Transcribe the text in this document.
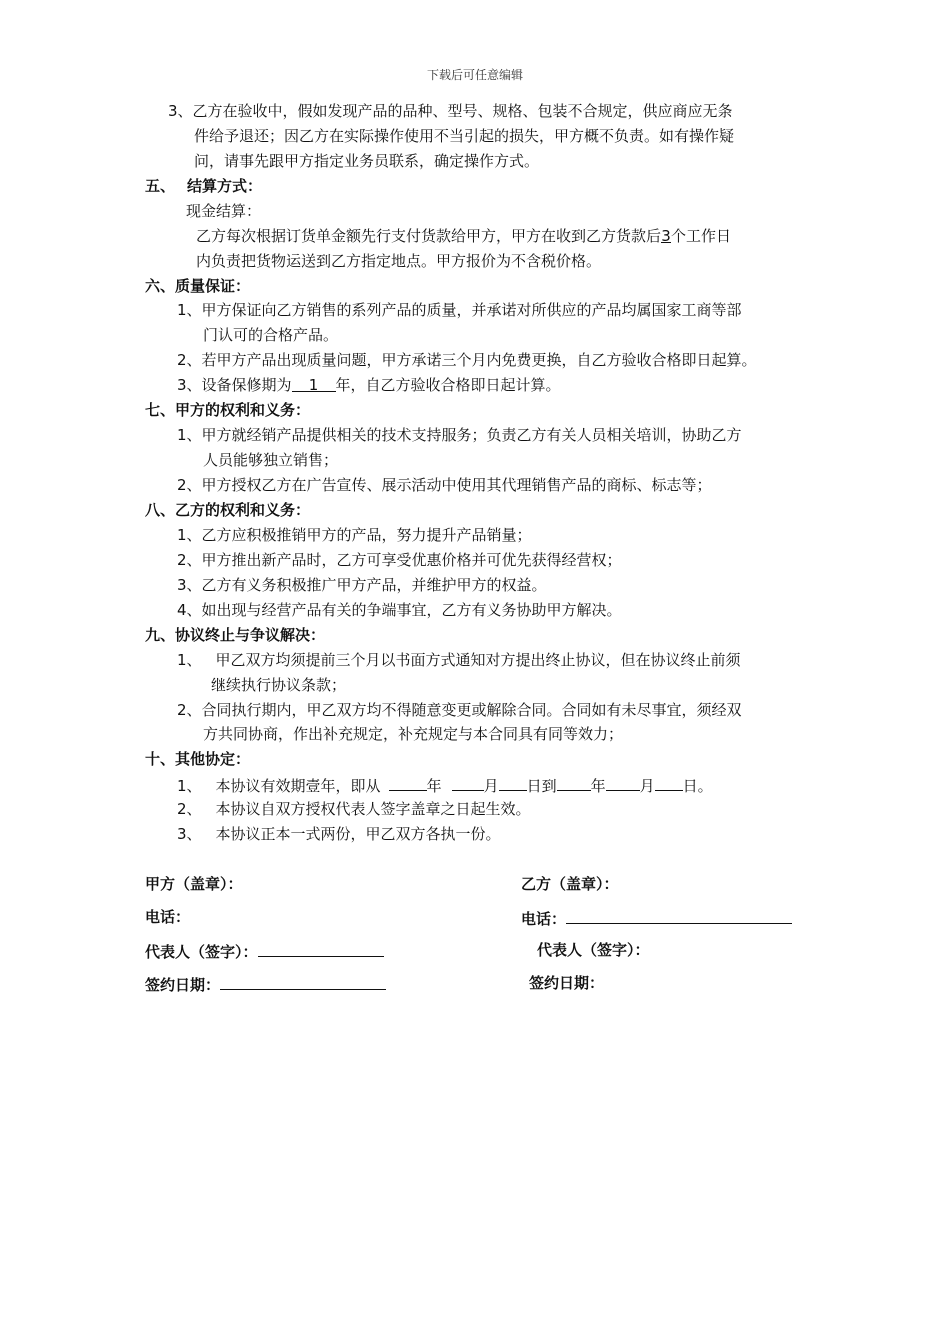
下载后可任意编辑
3、乙方在验收中，假如发现产品的品种、型号、规格、包装不合规定，供应商应无条
件给予退还；因乙方在实际操作使用不当引起的损失，甲方概不负责。如有操作疑
问，请事先跟甲方指定业务员联系，确定操作方式。
五、 结算方式：
现金结算：
乙方每次根据订货单金额先行支付货款给甲方，甲方在收到乙方货款后3个工作日
内负责把货物运送到乙方指定地点。甲方报价为不含税价格。
六、质量保证：
1、甲方保证向乙方销售的系列产品的质量，并承诺对所供应的产品均属国家工商等部
门认可的合格产品。
2、若甲方产品出现质量问题，甲方承诺三个月内免费更换，自乙方验收合格即日起算。
3、设备保修期为 1 年，自乙方验收合格即日起计算。
七、甲方的权利和义务：
1、甲方就经销产品提供相关的技术支持服务；负责乙方有关人员相关培训，协助乙方
人员能够独立销售；
2、甲方授权乙方在广告宣传、展示活动中使用其代理销售产品的商标、标志等；
八、乙方的权利和义务：
1、乙方应积极推销甲方的产品，努力提升产品销量；
2、甲方推出新产品时，乙方可享受优惠价格并可优先获得经营权；
3、乙方有义务积极推广甲方产品，并维护甲方的权益。
4、如出现与经营产品有关的争端事宜，乙方有义务协助甲方解决。
九、协议终止与争议解决：
1、 甲乙双方均须提前三个月以书面方式通知对方提出终止协议，但在协议终止前须
继续执行协议条款；
2、合同执行期内，甲乙双方均不得随意变更或解除合同。合同如有未尽事宜，须经双
方共同协商，作出补充规定，补充规定与本合同具有同等效力；
十、其他协定：
1、 本协议有效期壹年，即从	年	月 日到 年 月 日。
2、 本协议自双方授权代表人签字盖章之日起生效。
3、 本协议正本一式两份，甲乙双方各执一份。
甲方（盖章）：	乙方（盖章）：
电话：	电话：
代表人（签字）：	代表人（签字）：
签约日期：	签约日期：
